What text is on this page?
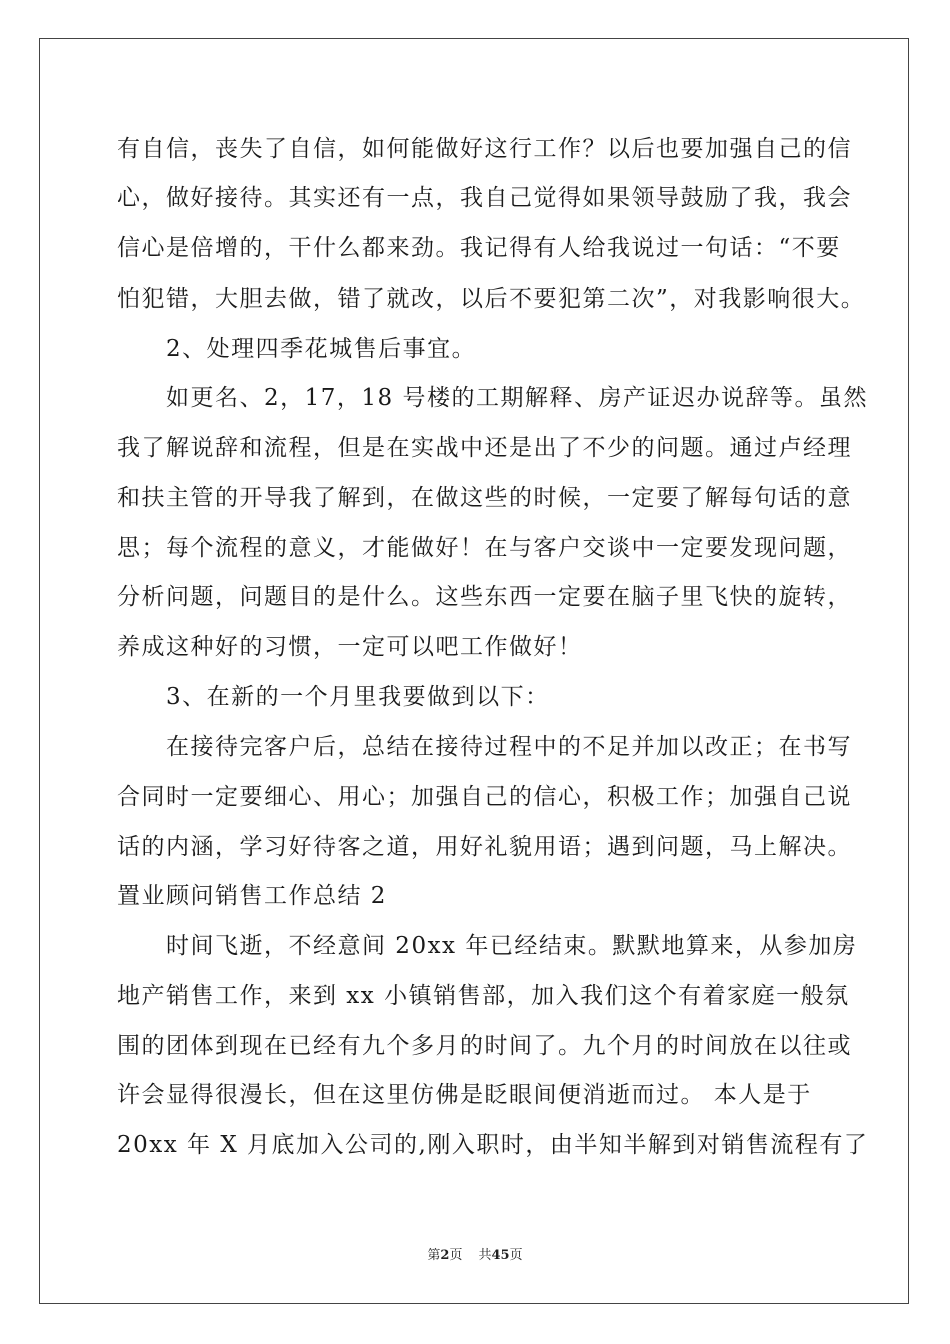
有自信，丧失了自信，如何能做好这行工作？以后也要加强自己的信
心，做好接待。其实还有一点，我自己觉得如果领导鼓励了我，我会
信心是倍增的，干什么都来劲。我记得有人给我说过一句话：“不要
怕犯错，大胆去做，错了就改，以后不要犯第二次”，对我影响很大。
　　2、处理四季花城售后事宜。
　　如更名、2，17，18 号楼的工期解释、房产证迟办说辞等。虽然
我了解说辞和流程，但是在实战中还是出了不少的问题。通过卢经理
和扶主管的开导我了解到，在做这些的时候，一定要了解每句话的意
思；每个流程的意义，才能做好！在与客户交谈中一定要发现问题，
分析问题，问题目的是什么。这些东西一定要在脑子里飞快的旋转，
养成这种好的习惯，一定可以吧工作做好！
　　3、在新的一个月里我要做到以下：
　　在接待完客户后，总结在接待过程中的不足并加以改正；在书写
合同时一定要细心、用心；加强自己的信心，积极工作；加强自己说
话的内涵，学习好待客之道，用好礼貌用语；遇到问题，马上解决。
置业顾问销售工作总结 2
　　时间飞逝，不经意间 20xx 年已经结束。默默地算来，从参加房
地产销售工作，来到 xx 小镇销售部，加入我们这个有着家庭一般氛
围的团体到现在已经有九个多月的时间了。九个月的时间放在以往或
许会显得很漫长，但在这里仿佛是眨眼间便消逝而过。 本人是于
20xx 年 X 月底加入公司的,刚入职时，由半知半解到对销售流程有了
第2页 共45页
